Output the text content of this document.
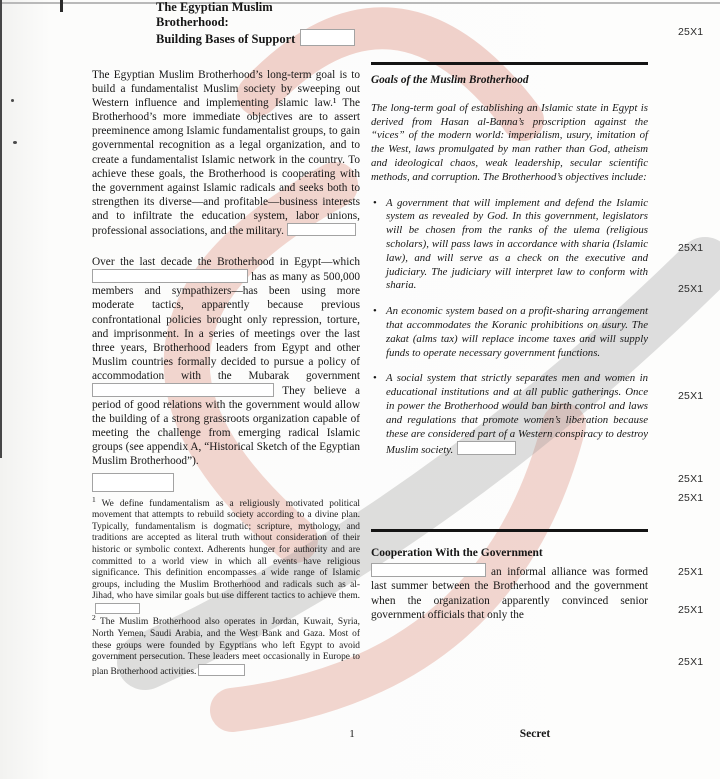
The Egyptian Muslim
Brotherhood:
Building Bases of Support	25X1
25X1
25X1
25X1
25X1
25X1
25X1
25X1
25X1

The Egyptian Muslim Brotherhood’s long-term goal is to build a fundamentalist Muslim society by sweeping out Western influence and implementing Islamic law.¹ The Brotherhood’s more immediate objectives are to assert preeminence among Islamic fundamentalist groups, to gain governmental recognition as a legal organization, and to create a fundamentalist Islamic network in the country. To achieve these goals, the Brotherhood is cooperating with the government against Islamic radicals and seeks both to strengthen its diverse—and profitable—business interests and to infiltrate the education system, labor unions, professional associations, and the military.

Over the last decade the Brotherhood in Egypt—which  has as many as 500,000 members and sympathizers—has been using more moderate tactics, apparently because previous confrontational policies brought only repression, torture, and imprisonment. In a series of meetings over the last three years, Brotherhood leaders from Egypt and other Muslim countries formally decided to pursue a policy of accommodation with the Mubarak government  They believe a period of good relations with the government would allow the building of a strong grassroots organization capable of meeting the challenge from emerging radical Islamic groups (see appendix A, “Historical Sketch of the Egyptian Muslim Brotherhood”).

$^1$ We define fundamentalism as a religiously motivated political movement that attempts to rebuild society according to a divine plan. Typically, fundamentalism is dogmatic; scripture, mythology, and traditions are accepted as literal truth without consideration of their historic or symbolic context. Adherents hunger for authority and are committed to a world view in which all events have religious significance. This definition encompasses a wide range of Islamic groups, including the Muslim Brotherhood and radicals such as al-Jihad, who have similar goals but use different tactics to achieve them.

$^2$ The Muslim Brotherhood also operates in Jordan, Kuwait, Syria, North Yemen, Saudi Arabia, and the West Bank and Gaza. Most of these groups were founded by Egyptians who left Egypt to avoid government persecution. These leaders meet occasionally in Europe to plan Brotherhood activities.

Goals of the Muslim Brotherhood

The long-term goal of establishing an Islamic state in Egypt is derived from Hasan al-Banna’s proscription against the “vices” of the modern world: imperialism, usury, imitation of the West, laws promulgated by man rather than God, atheism and ideological chaos, weak leadership, secular scientific methods, and corruption. The Brotherhood’s objectives include:

• A government that will implement and defend the Islamic system as revealed by God. In this government, legislators will be chosen from the ranks of the ulema (religious scholars), will pass laws in accordance with sharia (Islamic law), and will serve as a check on the executive and judiciary. The judiciary will interpret law to conform with sharia.
• An economic system based on a profit-sharing arrangement that accommodates the Koranic prohibitions on usury. The zakat (alms tax) will replace income taxes and will supply funds to operate necessary government functions.
• A social system that strictly separates men and women in educational institutions and at all public gatherings. Once in power the Brotherhood would ban birth control and laws and regulations that promote women’s liberation because these are considered part of a Western conspiracy to destroy Muslim society.
Cooperation With the Government

an informal alliance was formed last summer between the Brotherhood and the government when the organization apparently convinced senior government officials that only the

1	Secret
